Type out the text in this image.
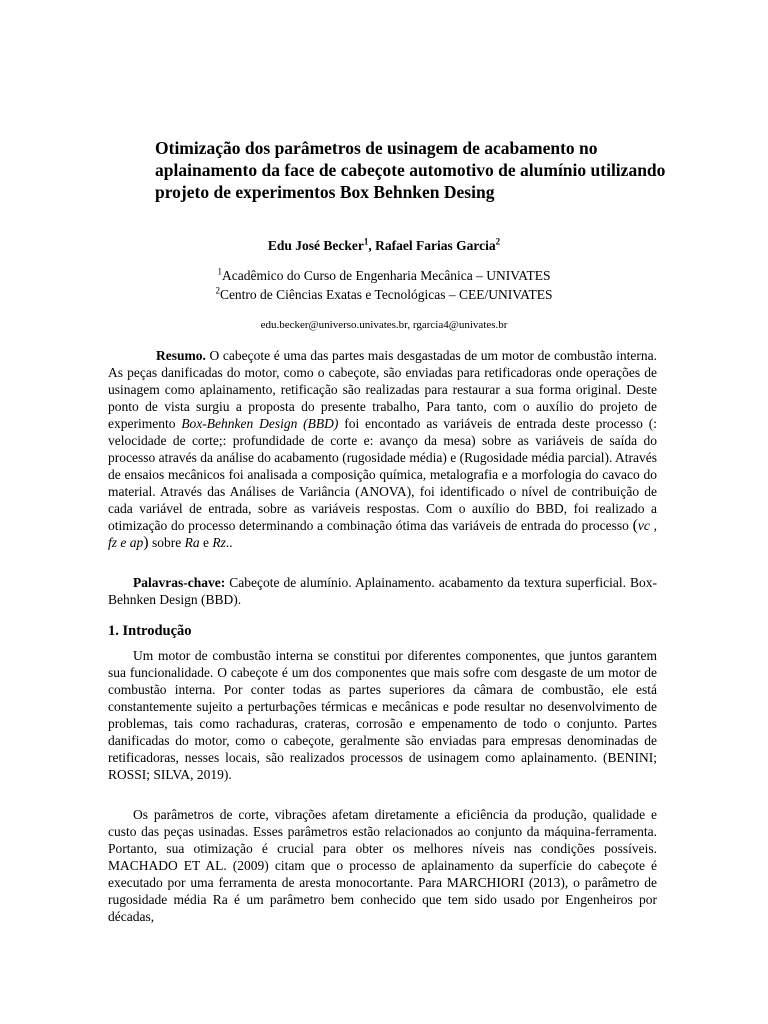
Otimização dos parâmetros de usinagem de acabamento no aplainamento da face de cabeçote automotivo de alumínio utilizando projeto de experimentos Box Behnken Desing

Edu José Becker$^1$, Rafael Farias Garcia$^2$

$^1$Acadêmico do Curso de Engenharia Mecânica – UNIVATES

$^2$Centro de Ciências Exatas e Tecnológicas – CEE/UNIVATES

edu.becker@universo.univates.br, rgarcia4@univates.br

Resumo. O cabeçote é uma das partes mais desgastadas de um motor de combustão interna. As peças danificadas do motor, como o cabeçote, são enviadas para retificadoras onde operações de usinagem como aplainamento, retificação são realizadas para restaurar a sua forma original. Deste ponto de vista surgiu a proposta do presente trabalho, Para tanto, com o auxílio do projeto de experimento Box-Behnken Design (BBD) foi encontado as variáveis de entrada deste processo (: velocidade de corte;: profundidade de corte e: avanço da mesa) sobre as variáveis de saída do processo através da análise do acabamento (rugosidade média) e (Rugosidade média parcial). Através de ensaios mecânicos foi analisada a composição química, metalografia e a morfologia do cavaco do material. Através das Análises de Variância (ANOVA), foi identificado o nível de contribuição de cada variável de entrada, sobre as variáveis respostas. Com o auxílio do BBD, foi realizado a otimização do processo determinando a combinação ótima das variáveis de entrada do processo (vc , fz e ap) sobre Ra e Rz..

Palavras-chave: Cabeçote de alumínio. Aplainamento. acabamento da textura superficial. Box-Behnken Design (BBD).

1. Introdução

Um motor de combustão interna se constitui por diferentes componentes, que juntos garantem sua funcionalidade. O cabeçote é um dos componentes que mais sofre com desgaste de um motor de combustão interna. Por conter todas as partes superiores da câmara de combustão, ele está constantemente sujeito a perturbações térmicas e mecânicas e pode resultar no desenvolvimento de problemas, tais como rachaduras, crateras, corrosão e empenamento de todo o conjunto. Partes danificadas do motor, como o cabeçote, geralmente são enviadas para empresas denominadas de retificadoras, nesses locais, são realizados processos de usinagem como aplainamento. (BENINI; ROSSI; SILVA, 2019).

Os parâmetros de corte, vibrações afetam diretamente a eficiência da produção, qualidade e custo das peças usinadas. Esses parâmetros estão relacionados ao conjunto da máquina-ferramenta. Portanto, sua otimização é crucial para obter os melhores níveis nas condições possíveis. MACHADO ET AL. (2009) citam que o processo de aplainamento da superfície do cabeçote é executado por uma ferramenta de aresta monocortante. Para MARCHIORI (2013), o parâmetro de rugosidade média Ra é um parâmetro bem conhecido que tem sido usado por Engenheiros por décadas,
